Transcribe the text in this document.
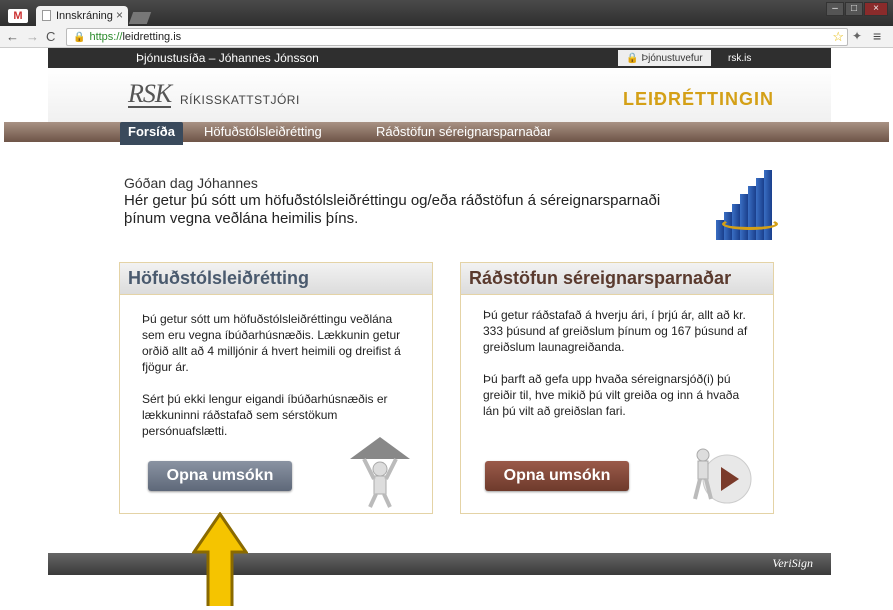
M	Innskráning ×	–	□	×
← → C 🔒 https:// leidretting.is	☆ ✦ ≡
Þjónustusíða – Jóhannes Jónsson	🔒 Þjónustuvefur	rsk.is
RSK RÍKISSKATTSTJÓRI	LEIÐRÉTTINGIN
Forsíða	Höfuðstólsleiðrétting	Ráðstöfun séreignarsparnaðar
Góðan dag Jóhannes
Hér getur þú sótt um höfuðstólsleiðréttingu og/eða ráðstöfun á séreignarsparnaði þínum vegna veðlána heimilis þíns.
Höfuðstólsleiðrétting
Þú getur sótt um höfuðstólsleiðréttingu veðlána sem eru vegna íbúðarhúsnæðis. Lækkunin getur orðið allt að 4 milljónir á hvert heimili og dreifist á fjögur ár.
Sért þú ekki lengur eigandi íbúðarhúsnæðis er lækkuninni ráðstafað sem sérstökum persónuafslætti.
Opna umsókn
Ráðstöfun séreignarsparnaðar
Þú getur ráðstafað á hverju ári, í þrjú ár, allt að kr. 333 þúsund af greiðslum þínum og 167 þúsund af greiðslum launagreiðanda.
Þú þarft að gefa upp hvaða séreignarsjóð(i) þú greiðir til, hve mikið þú vilt greiða og inn á hvaða lán þú vilt að greiðslan fari.
Opna umsókn
VeriSign
